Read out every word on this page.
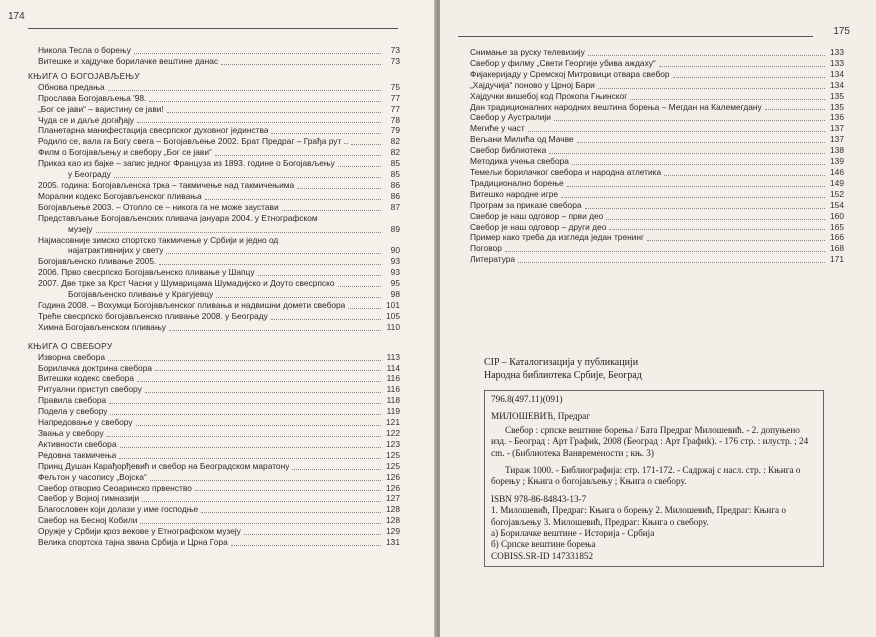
174
Никола Тесла о борењу	73
Витешке и хајдучке борилачке вештине данас	73
КЊИГА О БОГОЈАВЉЕЊУ
Обнова предања	75
Прослава Богојављења '98.	77
„Бог се јави“ – вајистину се јави!	77
Чуда се и даље догађају	78
Планетарна манифестација свесрпског духовног јединства	79
Родило се, вала га Богу свега – Богојављење 2002. Брат Предраг – Грађа рут ..	82
Филм о Богојављењу и свебору „Бог се јави“	82
Приказ као из бајке – запис једног Француза из 1893. године о Богојављењу	85
у Београду	85
2005. година: Богојављенска трка – такмичење над такмичењима	86
Морални кодекс Богојављенског пливања	86
Богојављење 2003. – Отопло се – никога га не може заустави	87
Представљање Богојављенских пливача јануара 2004. у Етнографском
музеју	89
Најмасовније зимско спортско такмичење у Србији и једно од
најатрактивнијих у свету	90
Богојављенско пливање 2005.	93
2006. Прво свесрпско Богојављенско пливање у Шапцу	93
2007. Две трке за Крст Часни у Шумарицама Шумадијско и Доуто свесрпско	95
Богојављенско пливање у Крагујевцу	98
Година 2008. – Вохумци Богојављенског пливања и надвишни домети свебора	101
Треће свесрпско богојављенско пливање 2008. у Београду	105
Химна Богојављенском пливању	110
КЊИГА О СВЕБОРУ
Изворна свебора	113
Борилачка доктрина свебора	114
Витешки кодекс свебора	116
Ритуални приступ свебору	116
Правила свебора	118
Подела у свебору	119
Напредовање у свебору	121
Звања у свебору	122
Активности свебора	123
Редовна такмичења	125
Принц Душан Карађорђевић и свебор на Београдском маратону	125
Фељтон у часопису „Војска“	126
Свебор отворио Сеоаринско првенство	126
Свебор у Војној гимназији	127
Благословен који долази у име господње	128
Свебор на Бесној Кобили	128
Оружје у Србији кроз векове у Етнографском музеју	129
Велика спортска тајна звана Србија и Црна Гора	131
175
Снимање за руску телевизију	133
Свебор у филму „Свети Георгије убива аждаху“	133
Фијакеријаду у Сремској Митровици отвара свебор	134
„Хајдучија“ поново у Црној Бари	134
Хајдучки вишебој код Прокопа Гњинског	135
Дан традиционалних народних вештина борења – Мегдан на Калемегдану	135
Свебор у Аустралији	136
Мегиће у част	137
Вељани Милића од Мачве	137
Свебор библиотека	138
Методика учења свебора	139
Темељи борилачког свебора и народна атлетика	146
Традиционално борење	149
Витешко народне игре	152
Програм за приказе свебора	154
Свебор је наш одговор – први део	160
Свебор је наш одговор – други део	165
Пример како треба да изгледа један тренинг	166
Поговор	168
Литература	171
CIP – Каталогизација у публикацији
Народна библиотека Србије, Београд

796.8(497.11)(091)

МИЛОШЕВИЋ, Предраг

Свебор : српске вештине борења / Бата Предраг Милошевић. - 2. допуњено изд. - Београд : Арт Графиk, 2008 (Београд : Арт Графиk). - 176 стр. : илустр. ; 24 cm. - (Библиотека Ванвремености ; књ. 3)

Тираж 1000. - Библиографија: стр. 171-172. - Садржај с насл. стр. : Књига о борењу ; Књига о богојављењу ; Књига о свебору.

ISBN 978-86-84843-13-7

1. Милошевић, Предраг: Књига о борењу 2. Милошевић, Предраг: Књига о богојављењу 3. Милошевић, Предраг: Књига о свебору.

а) Борилачке вештине - Историја - Србија

б) Српске вештине борења

COBISS.SR-ID 147331852
